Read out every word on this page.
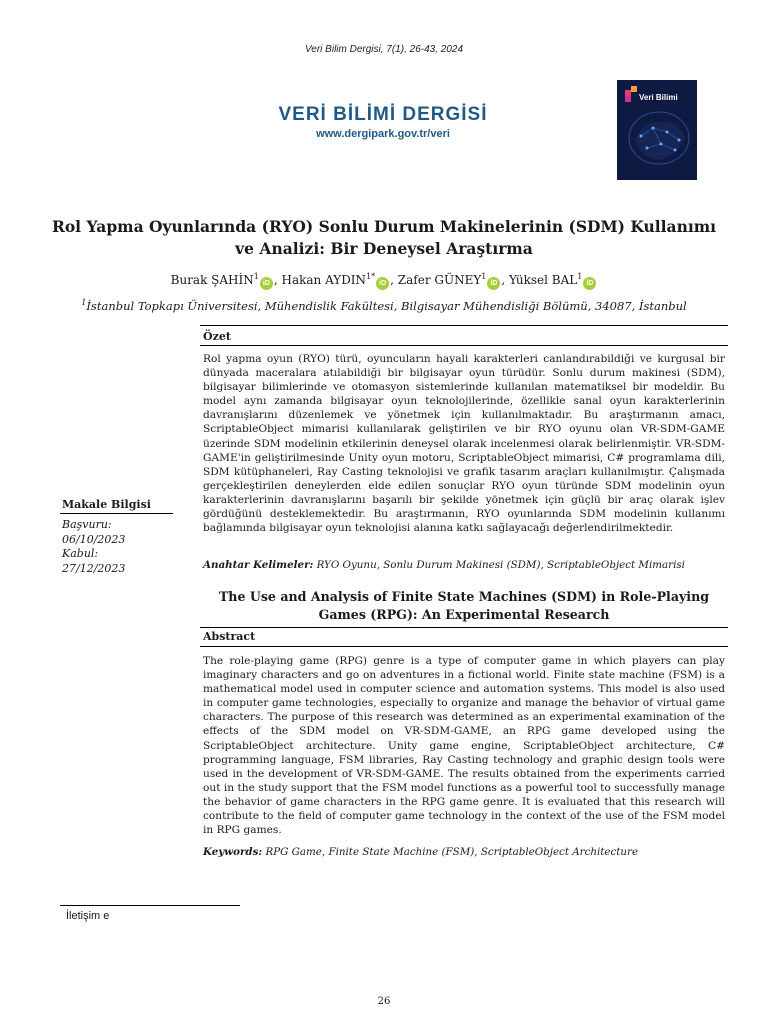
Veri Bilim Dergisi, 7(1), 26-43, 2024
VERİ BİLİMİ DERGİSİ
www.dergipark.gov.tr/veri
Veri Bilimi
Rol Yapma Oyunlarında (RYO) Sonlu Durum Makinelerinin (SDM) Kullanımı ve Analizi: Bir Deneysel Araştırma
Burak ŞAHİN$^1$iD , Hakan $AYDIN^{1*}iD$ , Zafer GÜNEY$^1$iD , Yüksel BAL$^1$iD
$^1$İstanbul Topkapı Üniversitesi, Mühendislik Fakültesi, Bilgisayar Mühendisliği Bölümü, 34087, İstanbul
Makale Bilgisi
Başvuru:
06/10/2023
Kabul:
27/12/2023
Özet
Rol yapma oyun (RYO) türü, oyuncuların hayali karakterleri canlandırabildiği ve kurgusal bir dünyada maceralara atılabildiği bir bilgisayar oyun türüdür. Sonlu durum makinesi (SDM), bilgisayar bilimlerinde ve otomasyon sistemlerinde kullanılan matematiksel bir modeldir. Bu model aynı zamanda bilgisayar oyun teknolojilerinde, özellikle sanal oyun karakterlerinin davranışlarını düzenlemek ve yönetmek için kullanılmaktadır. Bu araştırmanın amacı, ScriptableObject mimarisi kullanılarak geliştirilen ve bir RYO oyunu olan VR-SDM-GAME üzerinde SDM modelinin etkilerinin deneysel olarak incelenmesi olarak belirlenmiştir. VR-SDM-GAME'in geliştirilmesinde Unity oyun motoru, ScriptableObject mimarisi, C# programlama dili, SDM kütüphaneleri, Ray Casting teknolojisi ve grafik tasarım araçları kullanılmıştır. Çalışmada gerçekleştirilen deneylerden elde edilen sonuçlar RYO oyun türünde SDM modelinin oyun karakterlerinin davranışlarını başarılı bir şekilde yönetmek için güçlü bir araç olarak işlev gördüğünü desteklemektedir. Bu araştırmanın, RYO oyunlarında SDM modelinin kullanımı bağlamında bilgisayar oyun teknolojisi alanına katkı sağlayacağı değerlendirilmektedir.
Anahtar Kelimeler: RYO Oyunu, Sonlu Durum Makinesi (SDM), ScriptableObject Mimarisi
The Use and Analysis of Finite State Machines (SDM) in Role-Playing Games (RPG): An Experimental Research
Abstract
The role-playing game (RPG) genre is a type of computer game in which players can play imaginary characters and go on adventures in a fictional world. Finite state machine (FSM) is a mathematical model used in computer science and automation systems. This model is also used in computer game technologies, especially to organize and manage the behavior of virtual game characters. The purpose of this research was determined as an experimental examination of the effects of the SDM model on VR-SDM-GAME, an RPG game developed using the ScriptableObject architecture. Unity game engine, ScriptableObject architecture, C# programming language, FSM libraries, Ray Casting technology and graphic design tools were used in the development of VR-SDM-GAME. The results obtained from the experiments carried out in the study support that the FSM model functions as a powerful tool to successfully manage the behavior of game characters in the RPG game genre. It is evaluated that this research will contribute to the field of computer game technology in the context of the use of the FSM model in RPG games.
Keywords: RPG Game, Finite State Machine (FSM), ScriptableObject Architecture
İletişim e
26
